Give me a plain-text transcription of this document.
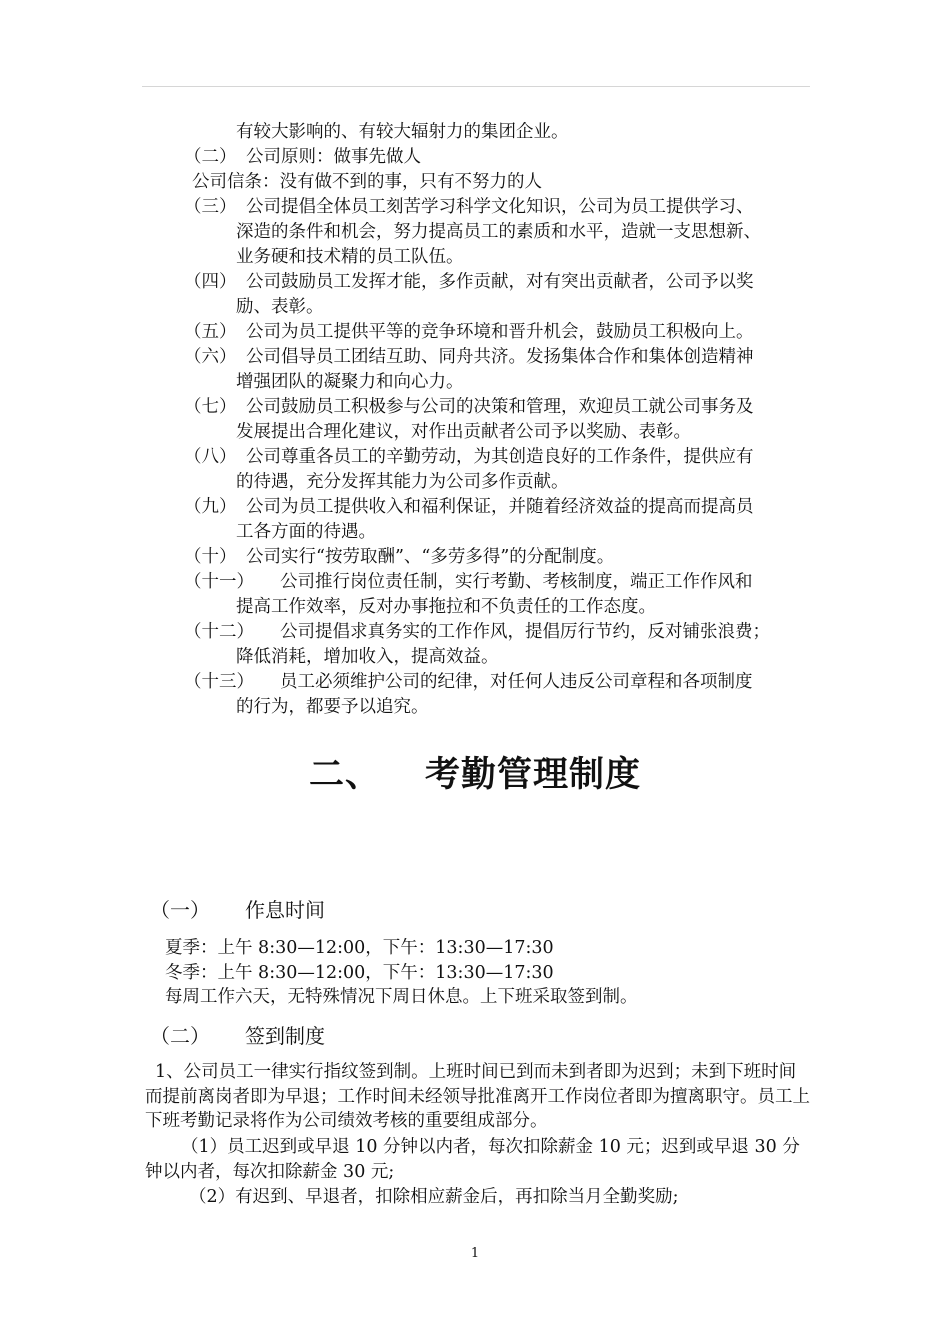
有较大影响的、有较大辐射力的集团企业。
（二） 公司原则：做事先做人
公司信条：没有做不到的事，只有不努力的人
（三） 公司提倡全体员工刻苦学习科学文化知识，公司为员工提供学习、
深造的条件和机会，努力提高员工的素质和水平，造就一支思想新、
业务硬和技术精的员工队伍。
（四） 公司鼓励员工发挥才能，多作贡献，对有突出贡献者，公司予以奖
励、表彰。
（五） 公司为员工提供平等的竞争环境和晋升机会，鼓励员工积极向上。
（六） 公司倡导员工团结互助、同舟共济。发扬集体合作和集体创造精神
增强团队的凝聚力和向心力。
（七） 公司鼓励员工积极参与公司的决策和管理，欢迎员工就公司事务及
发展提出合理化建议，对作出贡献者公司予以奖励、表彰。
（八） 公司尊重各员工的辛勤劳动，为其创造良好的工作条件，提供应有
的待遇，充分发挥其能力为公司多作贡献。
（九） 公司为员工提供收入和福利保证，并随着经济效益的提高而提高员
工各方面的待遇。
（十） 公司实行“按劳取酬”、“多劳多得”的分配制度。
（十一） 公司推行岗位责任制，实行考勤、考核制度，端正工作作风和
提高工作效率，反对办事拖拉和不负责任的工作态度。
（十二） 公司提倡求真务实的工作作风，提倡厉行节约，反对铺张浪费；
降低消耗，增加收入，提高效益。
（十三） 员工必须维护公司的纪律，对任何人违反公司章程和各项制度
的行为，都要予以追究。
二、 考勤管理制度
（一） 作息时间
夏季：上午 8:30—12:00，下午：13:30—17:30
冬季：上午 8:30—12:00，下午：13:30—17:30
每周工作六天，无特殊情况下周日休息。上下班采取签到制。
（二） 签到制度
1、公司员工一律实行指纹签到制。上班时间已到而未到者即为迟到；未到下班时间而提前离岗者即为早退；工作时间未经领导批准离开工作岗位者即为擅离职守。员工上下班考勤记录将作为公司绩效考核的重要组成部分。
（1）员工迟到或早退 10 分钟以内者，每次扣除薪金 10 元；迟到或早退 30 分钟以内者，每次扣除薪金 30 元;
（2）有迟到、早退者，扣除相应薪金后，再扣除当月全勤奖励;
1
